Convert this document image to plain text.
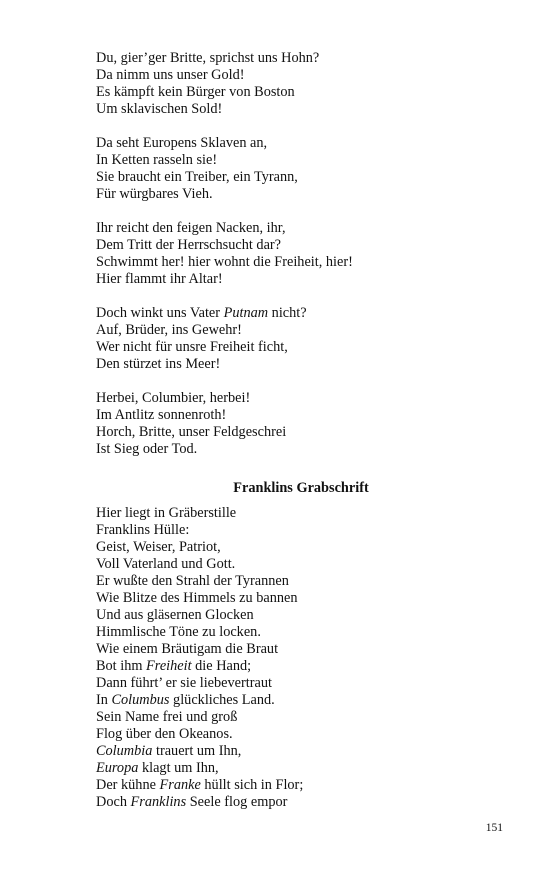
Du, gier’ger Britte, sprichst uns Hohn?
Da nimm uns unser Gold!
Es kämpft kein Bürger von Boston
Um sklavischen Sold!
Da seht Europens Sklaven an,
In Ketten rasseln sie!
Sie braucht ein Treiber, ein Tyrann,
Für würgbares Vieh.
Ihr reicht den feigen Nacken, ihr,
Dem Tritt der Herrschsucht dar?
Schwimmt her! hier wohnt die Freiheit, hier!
Hier flammt ihr Altar!
Doch winkt uns Vater Putnam nicht?
Auf, Brüder, ins Gewehr!
Wer nicht für unsre Freiheit ficht,
Den stürzet ins Meer!
Herbei, Columbier, herbei!
Im Antlitz sonnenroth!
Horch, Britte, unser Feldgeschrei
Ist Sieg oder Tod.
Franklins Grabschrift
Hier liegt in Gräberstille
Franklins Hülle:
Geist, Weiser, Patriot,
Voll Vaterland und Gott.
Er wußte den Strahl der Tyrannen
Wie Blitze des Himmels zu bannen
Und aus gläsernen Glocken
Himmlische Töne zu locken.
Wie einem Bräutigam die Braut
Bot ihm Freiheit die Hand;
Dann führt’ er sie liebevertraut
In Columbus glückliches Land.
Sein Name frei und groß
Flog über den Okeanos.
Columbia trauert um Ihn,
Europa klagt um Ihn,
Der kühne Franke hüllt sich in Flor;
Doch Franklins Seele flog empor
151
